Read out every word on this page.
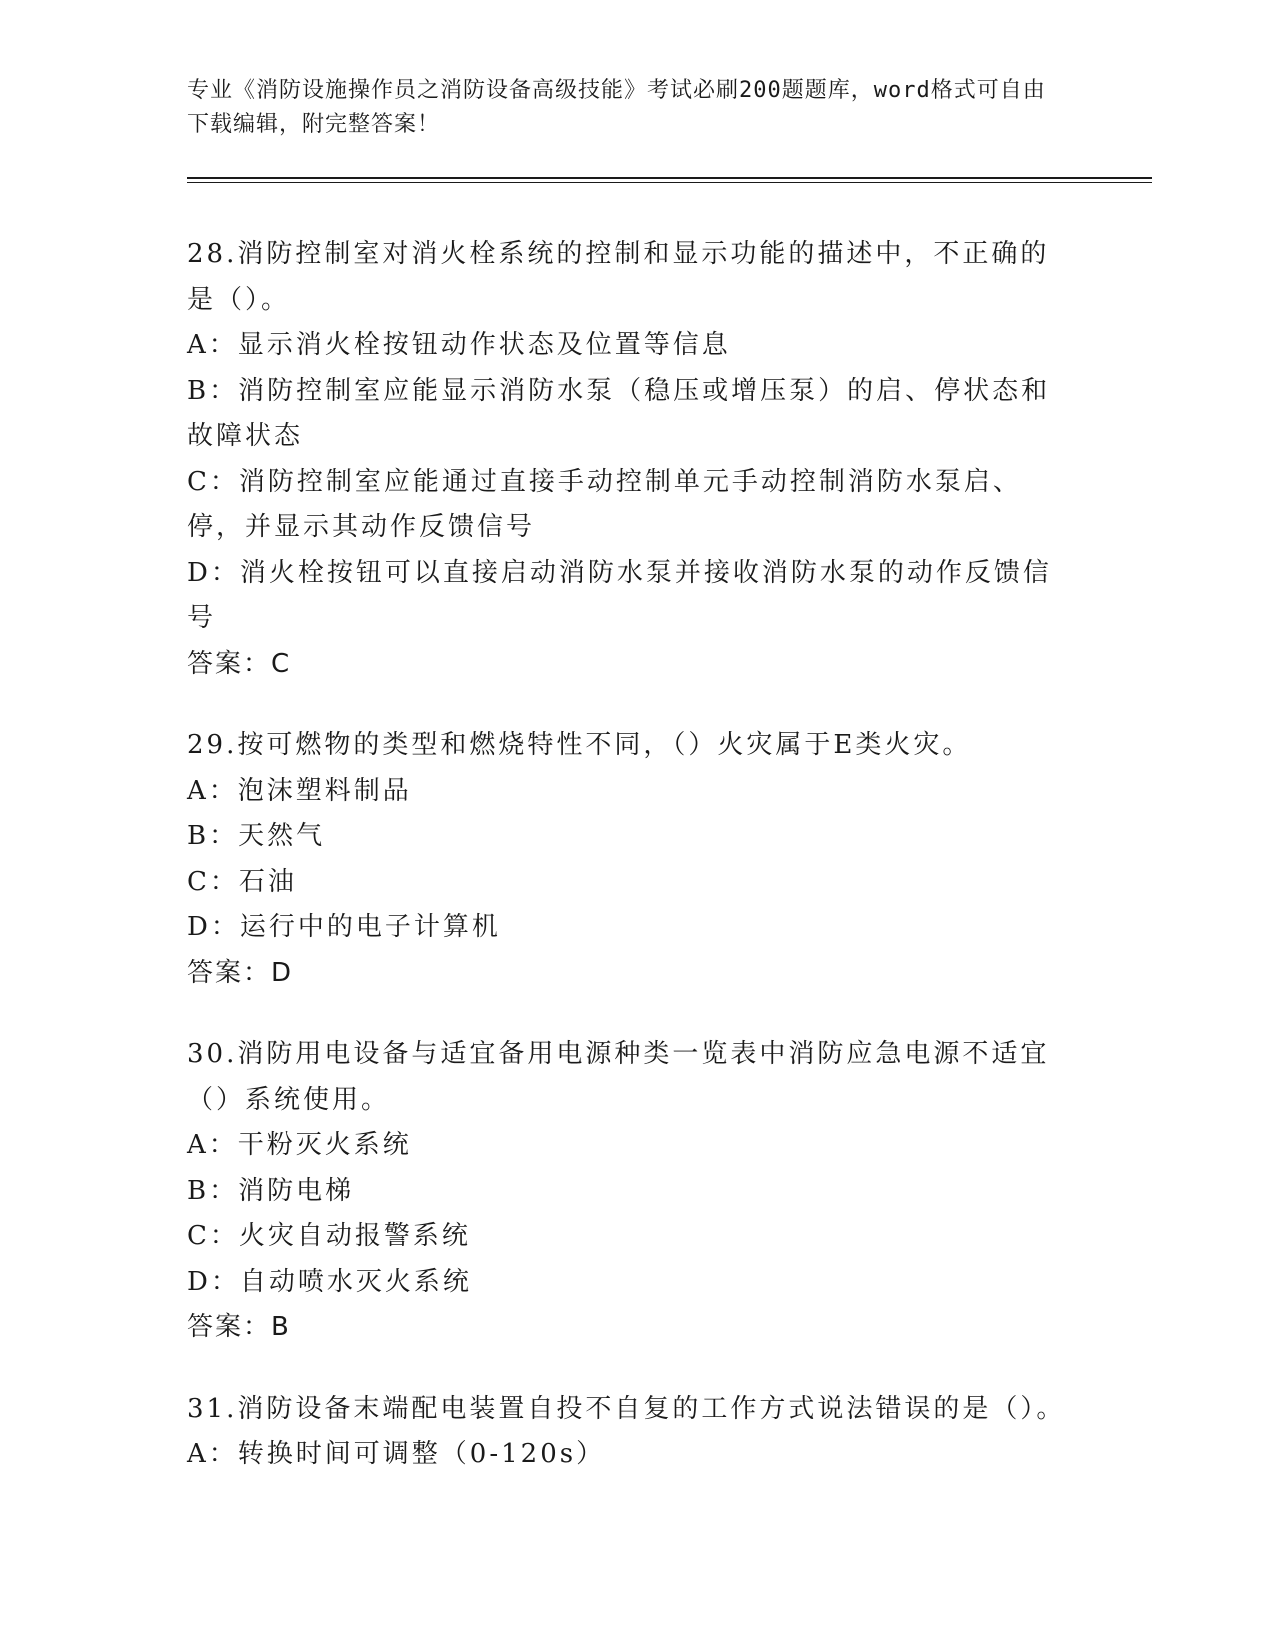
专业《消防设施操作员之消防设备高级技能》考试必刷200题题库，word格式可自由下载编辑，附完整答案！

28.消防控制室对消火栓系统的控制和显示功能的描述中，不正确的是（）。

A：显示消火栓按钮动作状态及位置等信息

B：消防控制室应能显示消防水泵（稳压或增压泵）的启、停状态和故障状态

C：消防控制室应能通过直接手动控制单元手动控制消防水泵启、停，并显示其动作反馈信号

D：消火栓按钮可以直接启动消防水泵并接收消防水泵的动作反馈信号

答案：C

29.按可燃物的类型和燃烧特性不同，（）火灾属于E类火灾。

A：泡沫塑料制品

B：天然气

C：石油

D：运行中的电子计算机

答案：D

30.消防用电设备与适宜备用电源种类一览表中消防应急电源不适宜（）系统使用。

A：干粉灭火系统

B：消防电梯

C：火灾自动报警系统

D：自动喷水灭火系统

答案：B

31.消防设备末端配电装置自投不自复的工作方式说法错误的是（）。

A：转换时间可调整（0-120s）
